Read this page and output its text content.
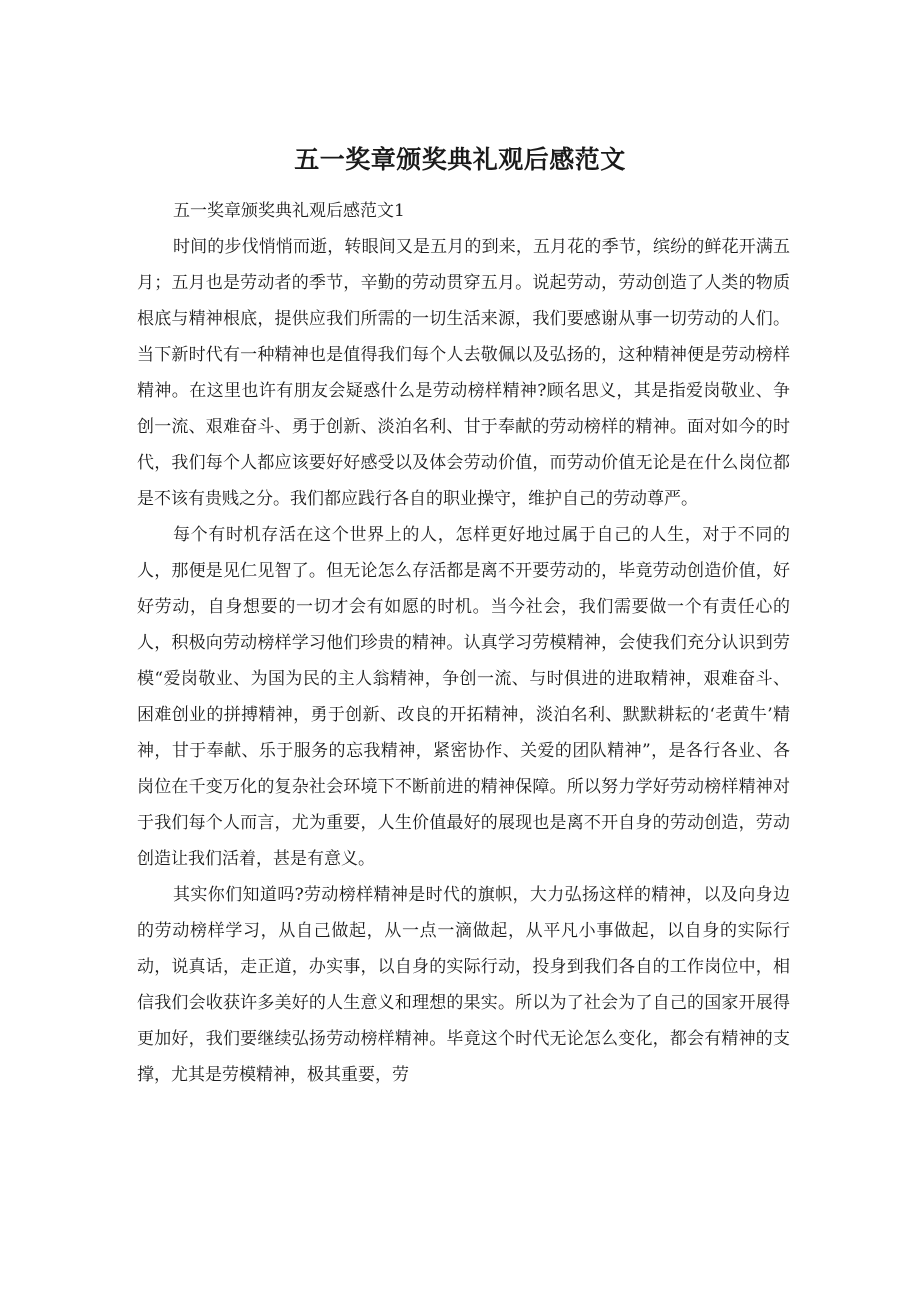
五一奖章颁奖典礼观后感范文

五一奖章颁奖典礼观后感范文1

时间的步伐悄悄而逝，转眼间又是五月的到来，五月花的季节，缤纷的鲜花开满五月；五月也是劳动者的季节，辛勤的劳动贯穿五月。说起劳动，劳动创造了人类的物质根底与精神根底，提供应我们所需的一切生活来源，我们要感谢从事一切劳动的人们。当下新时代有一种精神也是值得我们每个人去敬佩以及弘扬的，这种精神便是劳动榜样精神。在这里也许有朋友会疑惑什么是劳动榜样精神?顾名思义，其是指爱岗敬业、争创一流、艰难奋斗、勇于创新、淡泊名利、甘于奉献的劳动榜样的精神。面对如今的时代，我们每个人都应该要好好感受以及体会劳动价值，而劳动价值无论是在什么岗位都是不该有贵贱之分。我们都应践行各自的职业操守，维护自己的劳动尊严。

每个有时机存活在这个世界上的人，怎样更好地过属于自己的人生，对于不同的人，那便是见仁见智了。但无论怎么存活都是离不开要劳动的，毕竟劳动创造价值，好好劳动，自身想要的一切才会有如愿的时机。当今社会，我们需要做一个有责任心的人，积极向劳动榜样学习他们珍贵的精神。认真学习劳模精神，会使我们充分认识到劳模“爱岗敬业、为国为民的主人翁精神，争创一流、与时俱进的进取精神，艰难奋斗、困难创业的拼搏精神，勇于创新、改良的开拓精神，淡泊名利、默默耕耘的‘老黄牛’精神，甘于奉献、乐于服务的忘我精神，紧密协作、关爱的团队精神”，是各行各业、各岗位在千变万化的复杂社会环境下不断前进的精神保障。所以努力学好劳动榜样精神对于我们每个人而言，尤为重要，人生价值最好的展现也是离不开自身的劳动创造，劳动创造让我们活着，甚是有意义。

其实你们知道吗?劳动榜样精神是时代的旗帜，大力弘扬这样的精神，以及向身边的劳动榜样学习，从自己做起，从一点一滴做起，从平凡小事做起，以自身的实际行动，说真话，走正道，办实事，以自身的实际行动，投身到我们各自的工作岗位中，相信我们会收获许多美好的人生意义和理想的果实。所以为了社会为了自己的国家开展得更加好，我们要继续弘扬劳动榜样精神。毕竟这个时代无论怎么变化，都会有精神的支撑，尤其是劳模精神，极其重要，劳
